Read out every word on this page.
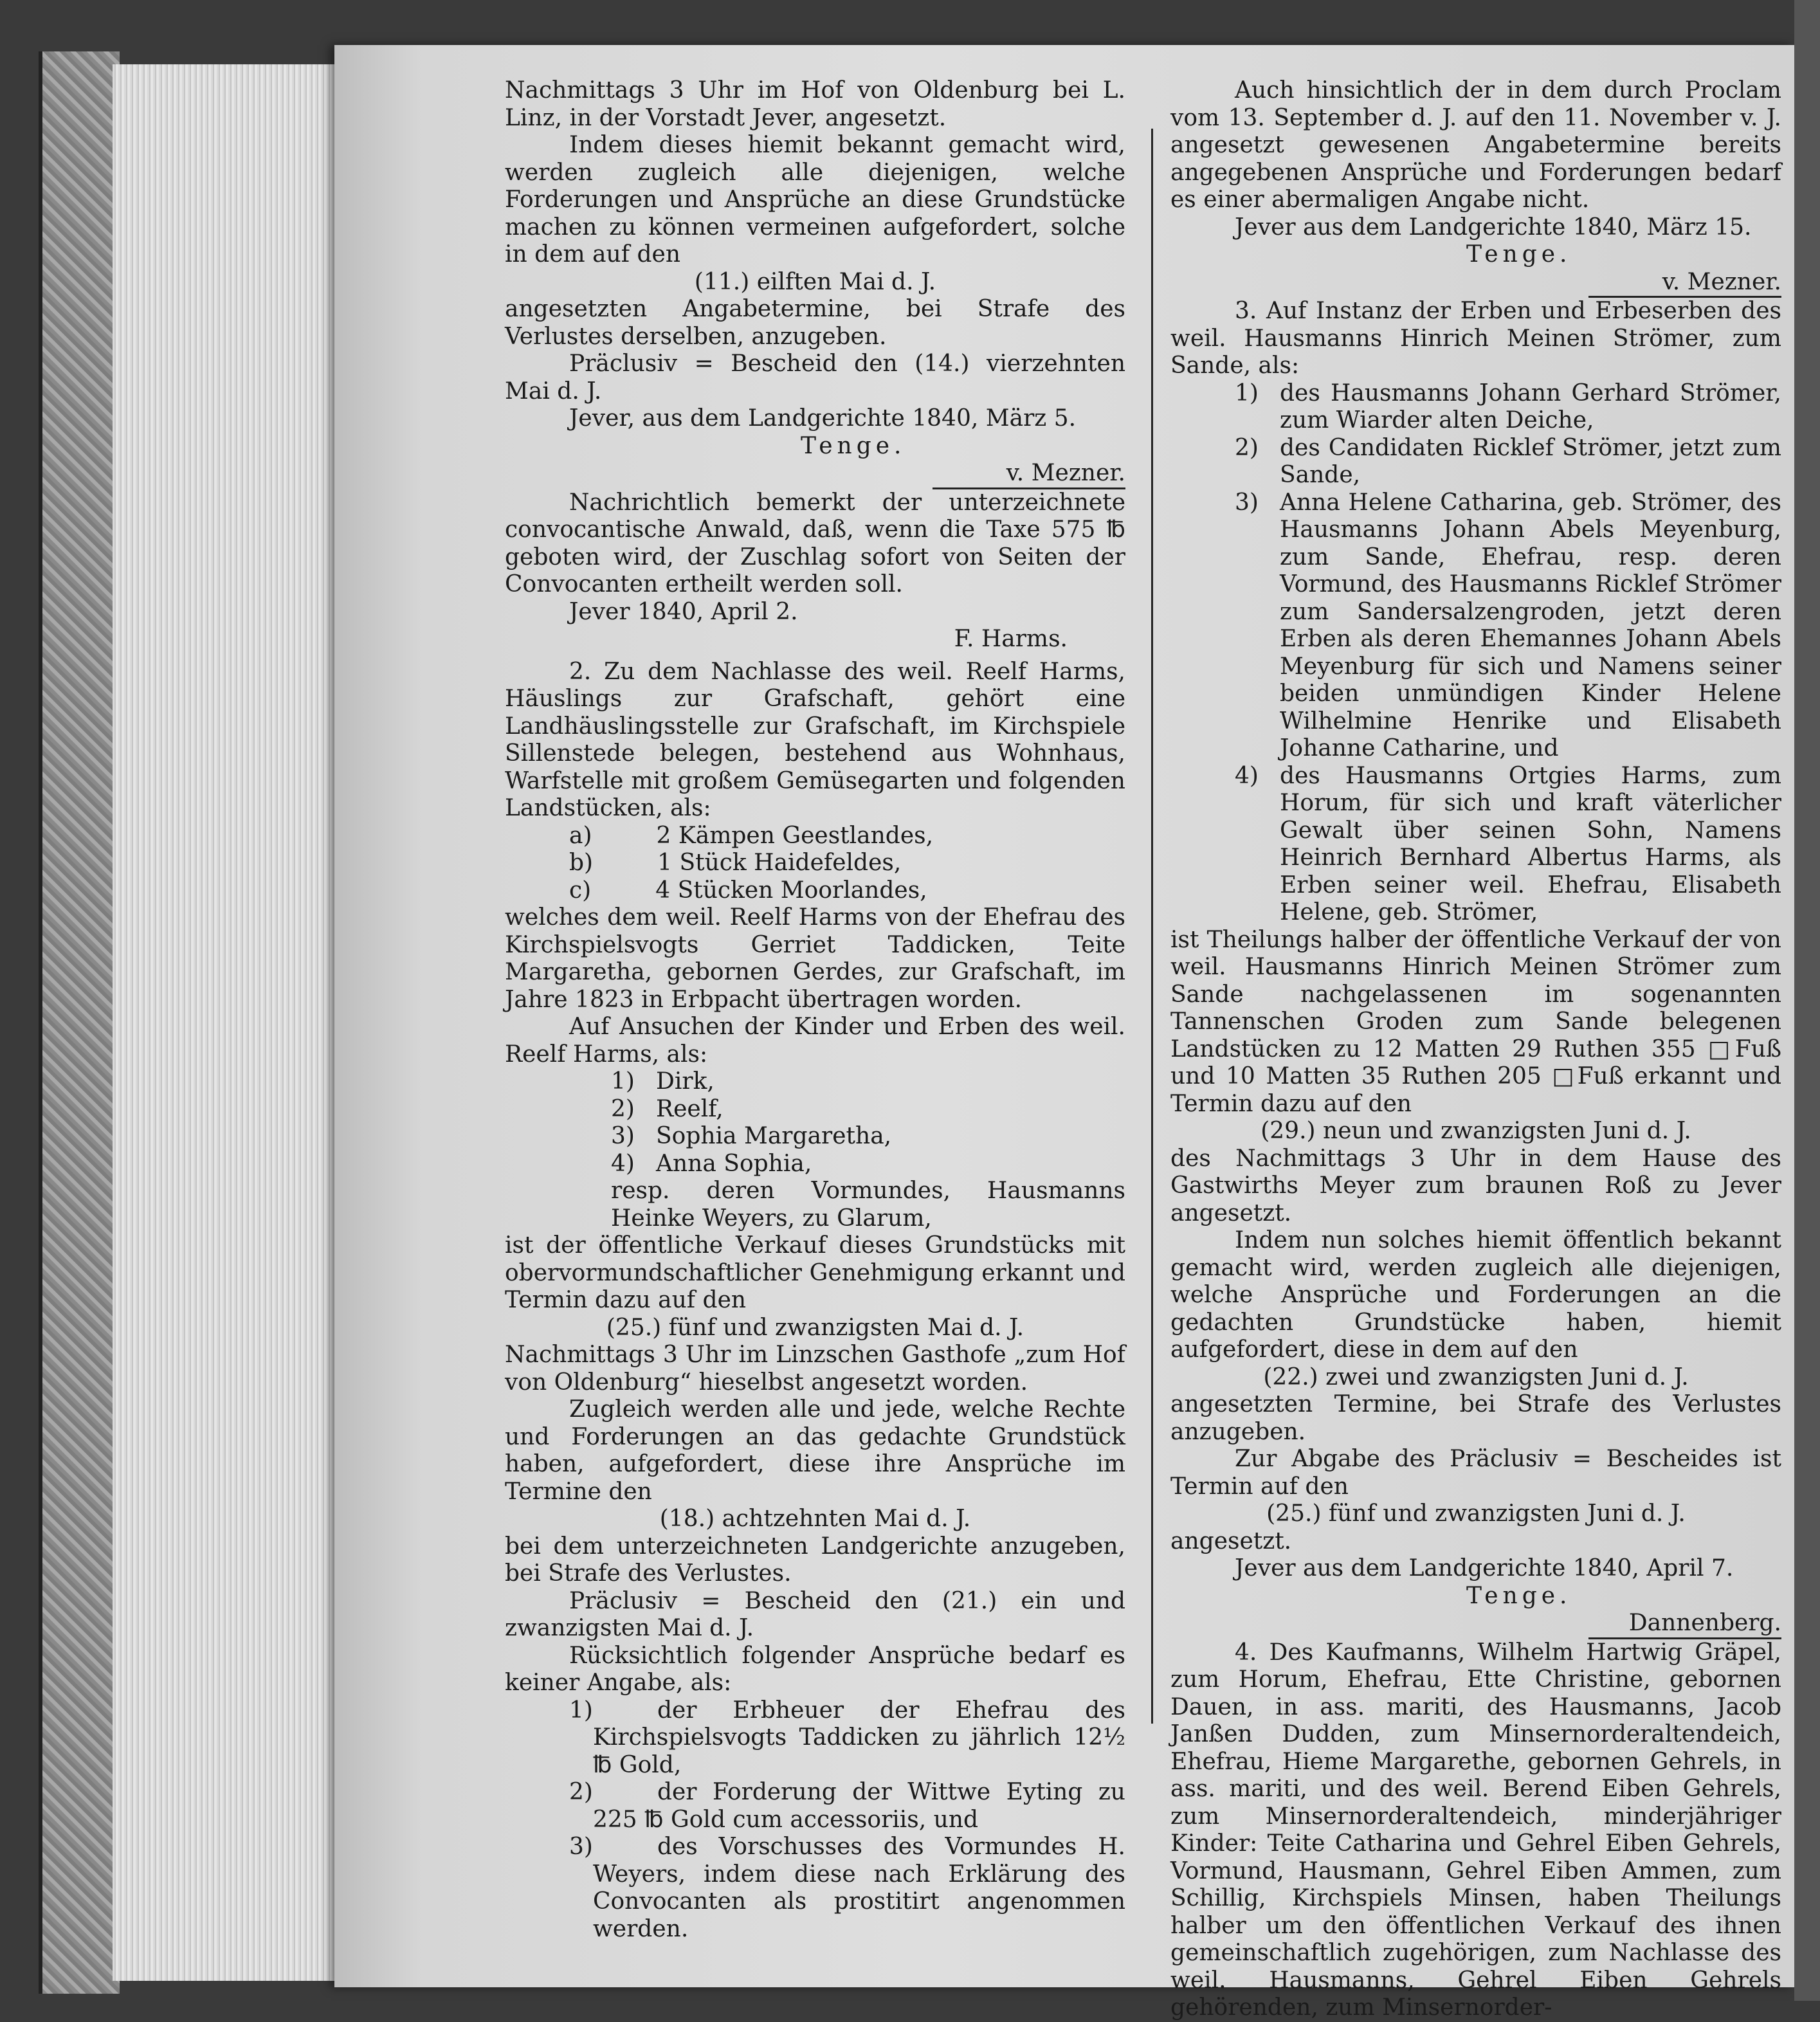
Nachmittags 3 Uhr im Hof von Oldenburg bei L. Linz, in der Vorstadt Jever, angesetzt.

Indem dieses hiemit bekannt gemacht wird, werden zugleich alle diejenigen, welche Forderungen und Ansprüche an diese Grundstücke machen zu können vermeinen aufgefordert, solche in dem auf den

(11.) eilften Mai d. J.

angesetzten Angabetermine, bei Strafe des Verlustes derselben, anzugeben.

Präclusiv = Bescheid den (14.) vierzehnten Mai d. J.

Jever, aus dem Landgerichte 1840, März 5.

Tenge.

v. Mezner.

Nachrichtlich bemerkt der unterzeichnete convocantische Anwald, daß, wenn die Taxe 575 ℔ geboten wird, der Zuschlag sofort von Seiten der Convocanten ertheilt werden soll.

Jever 1840, April 2.

F. Harms.

2. Zu dem Nachlasse des weil. Reelf Harms, Häuslings zur Grafschaft, gehört eine Landhäuslingsstelle zur Grafschaft, im Kirchspiele Sillenstede belegen, bestehend aus Wohnhaus, Warfstelle mit großem Gemüsegarten und folgenden Landstücken, als:

a)	2 Kämpen Geestlandes,
b)	1 Stück Haidefeldes,
c)	4 Stücken Moorlandes,

welches dem weil. Reelf Harms von der Ehefrau des Kirchspielsvogts Gerriet Taddicken, Teite Margaretha, gebornen Gerdes, zur Grafschaft, im Jahre 1823 in Erbpacht übertragen worden.

Auf Ansuchen der Kinder und Erben des weil. Reelf Harms, als:

1) Dirk,
2) Reelf,
3) Sophia Margaretha,
4) Anna Sophia,

resp. deren Vormundes, Hausmanns Heinke Weyers, zu Glarum,

ist der öffentliche Verkauf dieses Grundstücks mit obervormundschaftlicher Genehmigung erkannt und Termin dazu auf den

(25.) fünf und zwanzigsten Mai d. J.

Nachmittags 3 Uhr im Linzschen Gasthofe „zum Hof von Oldenburg“ hieselbst angesetzt worden.

Zugleich werden alle und jede, welche Rechte und Forderungen an das gedachte Grundstück haben, aufgefordert, diese ihre Ansprüche im Termine den

(18.) achtzehnten Mai d. J.

bei dem unterzeichneten Landgerichte anzugeben, bei Strafe des Verlustes.

Präclusiv = Bescheid den (21.) ein und zwanzigsten Mai d. J.

Rücksichtlich folgender Ansprüche bedarf es keiner Angabe, als:

1)	der Erbheuer der Ehefrau des Kirchspielsvogts Taddicken zu jährlich 12½ ℔ Gold,
2)	der Forderung der Wittwe Eyting zu 225 ℔ Gold cum accessoriis, und
3)	des Vorschusses des Vormundes H. Weyers, indem diese nach Erklärung des Convocanten als prostitirt angenommen werden.

Auch hinsichtlich der in dem durch Proclam vom 13. September d. J. auf den 11. November v. J. angesetzt gewesenen Angabetermine bereits angegebenen Ansprüche und Forderungen bedarf es einer abermaligen Angabe nicht.

Jever aus dem Landgerichte 1840, März 15.

Tenge.

v. Mezner.

3. Auf Instanz der Erben und Erbeserben des weil. Hausmanns Hinrich Meinen Strömer, zum Sande, als:

1) des Hausmanns Johann Gerhard Strömer, zum Wiarder alten Deiche,
2) des Candidaten Ricklef Strömer, jetzt zum Sande,
3) Anna Helene Catharina, geb. Strömer, des Hausmanns Johann Abels Meyenburg, zum Sande, Ehefrau, resp. deren Vormund, des Hausmanns Ricklef Strömer zum Sandersalzengroden, jetzt deren Erben als deren Ehemannes Johann Abels Meyenburg für sich und Namens seiner beiden unmündigen Kinder Helene Wilhelmine Henrike und Elisabeth Johanne Catharine, und
4) des Hausmanns Ortgies Harms, zum Horum, für sich und kraft väterlicher Gewalt über seinen Sohn, Namens Heinrich Bernhard Albertus Harms, als Erben seiner weil. Ehefrau, Elisabeth Helene, geb. Strömer,

ist Theilungs halber der öffentliche Verkauf der von weil. Hausmanns Hinrich Meinen Strömer zum Sande nachgelassenen im sogenannten Tannenschen Groden zum Sande belegenen Landstücken zu 12 Matten 29 Ruthen 355 □Fuß und 10 Matten 35 Ruthen 205 □Fuß erkannt und Termin dazu auf den

(29.) neun und zwanzigsten Juni d. J.

des Nachmittags 3 Uhr in dem Hause des Gastwirths Meyer zum braunen Roß zu Jever angesetzt.

Indem nun solches hiemit öffentlich bekannt gemacht wird, werden zugleich alle diejenigen, welche Ansprüche und Forderungen an die gedachten Grundstücke haben, hiemit aufgefordert, diese in dem auf den

(22.) zwei und zwanzigsten Juni d. J.

angesetzten Termine, bei Strafe des Verlustes anzugeben.

Zur Abgabe des Präclusiv = Bescheides ist Termin auf den

(25.) fünf und zwanzigsten Juni d. J.

angesetzt.

Jever aus dem Landgerichte 1840, April 7.

Tenge.

Dannenberg.

4. Des Kaufmanns, Wilhelm Hartwig Gräpel, zum Horum, Ehefrau, Ette Christine, gebornen Dauen, in ass. mariti, des Hausmanns, Jacob Janßen Dudden, zum Minsernorderaltendeich, Ehefrau, Hieme Margarethe, gebornen Gehrels, in ass. mariti, und des weil. Berend Eiben Gehrels, zum Minsernorderaltendeich, minderjähriger Kinder: Teite Catharina und Gehrel Eiben Gehrels, Vormund, Hausmann, Gehrel Eiben Ammen, zum Schillig, Kirchspiels Minsen, haben Theilungs halber um den öffentlichen Verkauf des ihnen gemeinschaftlich zugehörigen, zum Nachlasse des weil. Hausmanns, Gehrel Eiben Gehrels gehörenden, zum Minsernorder-
